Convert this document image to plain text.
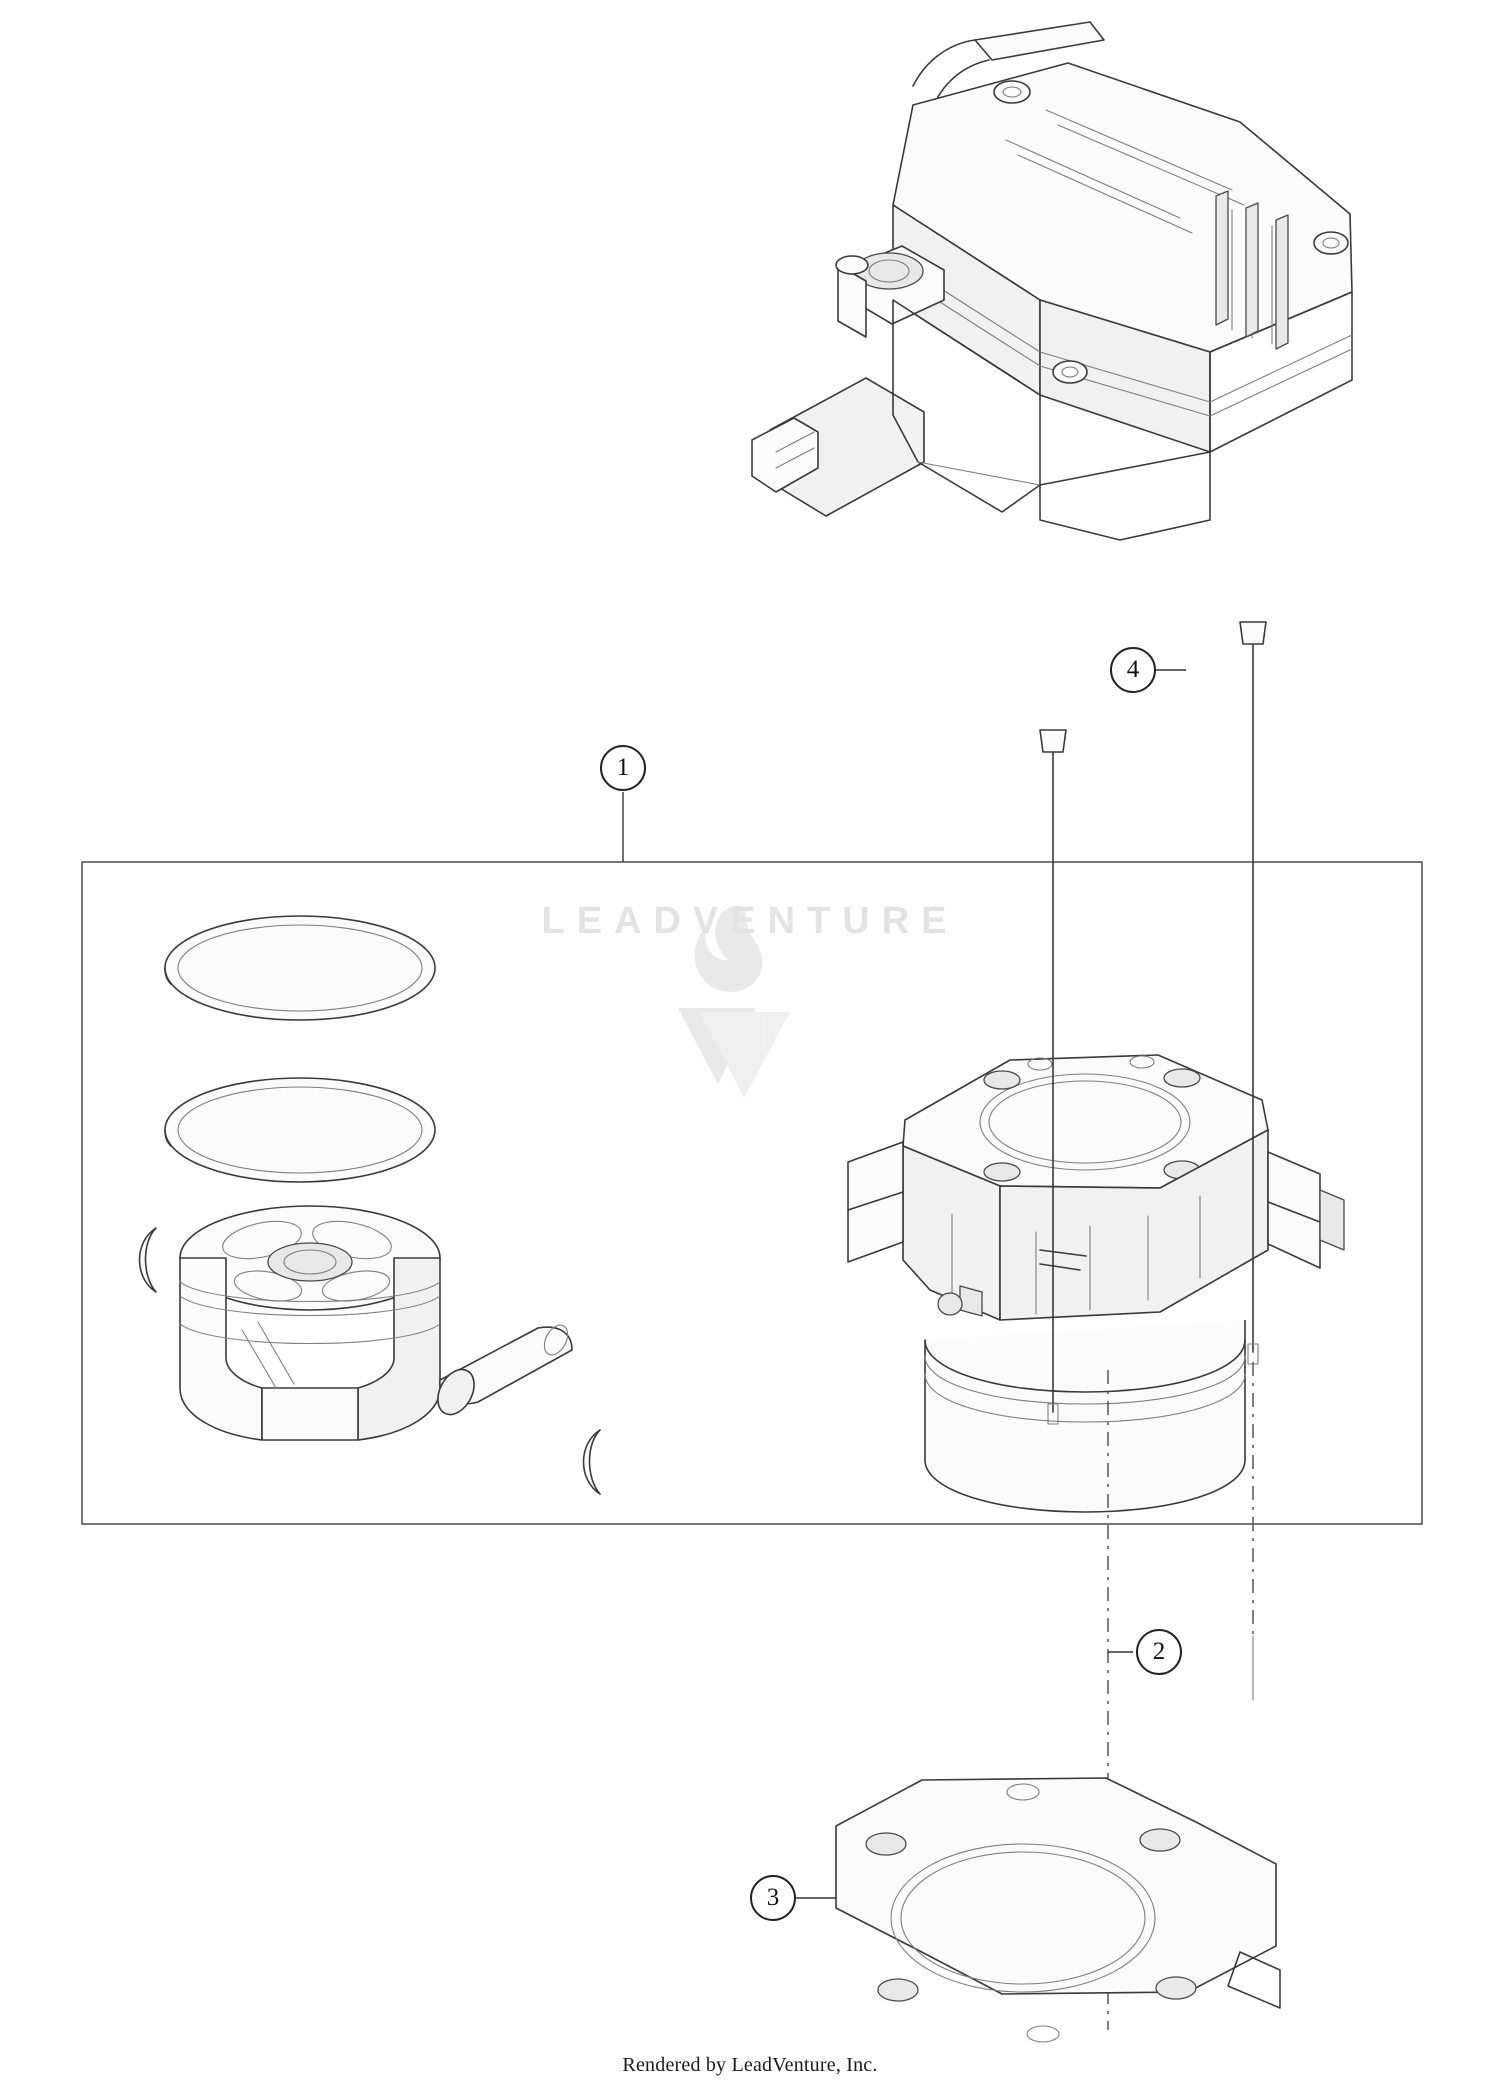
LEADVENTURE
1
4
2
3
Rendered by LeadVenture, Inc.
